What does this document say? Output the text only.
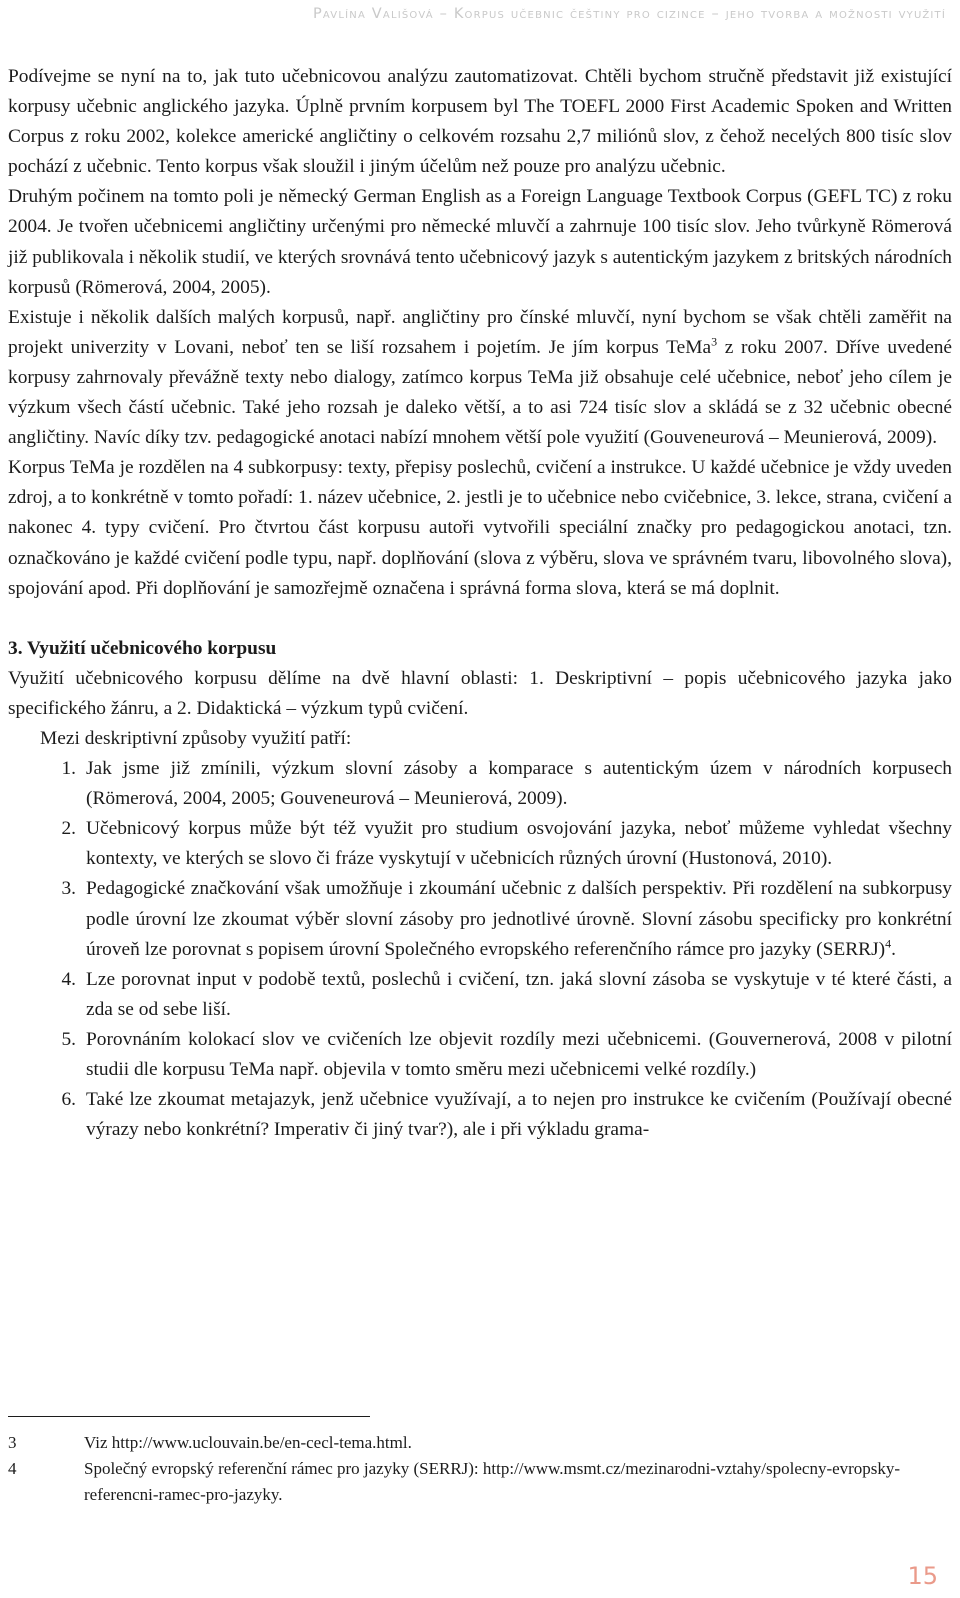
Pavlína Vališová – Korpus učebnic češtiny pro cizince – jeho tvorba a možnosti využití

Podívejme se nyní na to, jak tuto učebnicovou analýzu zautomatizovat. Chtěli bychom stručně představit již existující korpusy učebnic anglického jazyka. Úplně prvním korpusem byl The TOEFL 2000 First Academic Spoken and Written Corpus z roku 2002, kolekce americké angličtiny o celkovém rozsahu 2,7 miliónů slov, z čehož necelých 800 tisíc slov pochází z učebnic. Tento korpus však sloužil i jiným účelům než pouze pro analýzu učebnic.

Druhým počinem na tomto poli je německý German English as a Foreign Language Textbook Corpus (GEFL TC) z roku 2004. Je tvořen učebnicemi angličtiny určenými pro německé mluvčí a zahrnuje 100 tisíc slov. Jeho tvůrkyně Römerová již publikovala i několik studií, ve kterých srovnává tento učebnicový jazyk s autentickým jazykem z britských národních korpusů (Römerová, 2004, 2005).

Existuje i několik dalších malých korpusů, např. angličtiny pro čínské mluvčí, nyní bychom se však chtěli zaměřit na projekt univerzity v Lovani, neboť ten se liší rozsahem i pojetím. Je jím korpus TeMa$^3$ z roku 2007. Dříve uvedené korpusy zahrnovaly převážně texty nebo dialogy, zatímco korpus TeMa již obsahuje celé učebnice, neboť jeho cílem je výzkum všech částí učebnic. Také jeho rozsah je daleko větší, a to asi 724 tisíc slov a skládá se z 32 učebnic obecné angličtiny. Navíc díky tzv. pedagogické anotaci nabízí mnohem větší pole využití (Gouveneurová – Meunierová, 2009).

Korpus TeMa je rozdělen na 4 subkorpusy: texty, přepisy poslechů, cvičení a instrukce. U každé učebnice je vždy uveden zdroj, a to konkrétně v tomto pořadí: 1. název učebnice, 2. jestli je to učebnice nebo cvičebnice, 3. lekce, strana, cvičení a nakonec 4. typy cvičení. Pro čtvrtou část korpusu autoři vytvořili speciální značky pro pedagogickou anotaci, tzn. označkováno je každé cvičení podle typu, např. doplňování (slova z výběru, slova ve správném tvaru, libovolného slova), spojování apod. Při doplňování je samozřejmě označena i správná forma slova, která se má doplnit.

3. Využití učebnicového korpusu

Využití učebnicového korpusu dělíme na dvě hlavní oblasti: 1. Deskriptivní – popis učebnicového jazyka jako specifického žánru, a 2. Didaktická – výzkum typů cvičení.

Mezi deskriptivní způsoby využití patří:

1. Jak jsme již zmínili, výzkum slovní zásoby a komparace s autentickým územ v národních korpusech (Römerová, 2004, 2005; Gouveneurová – Meunierová, 2009).
2. Učebnicový korpus může být též využit pro studium osvojování jazyka, neboť můžeme vyhledat všechny kontexty, ve kterých se slovo či fráze vyskytují v učebnicích různých úrovní (Hustonová, 2010).
3. Pedagogické značkování však umožňuje i zkoumání učebnic z dalších perspektiv. Při rozdělení na subkorpusy podle úrovní lze zkoumat výběr slovní zásoby pro jednotlivé úrovně. Slovní zásobu specificky pro konkrétní úroveň lze porovnat s popisem úrovní Společného evropského referenčního rámce pro jazyky (SERRJ)$^4$.
4. Lze porovnat input v podobě textů, poslechů i cvičení, tzn. jaká slovní zásoba se vyskytuje v té které části, a zda se od sebe liší.
5. Porovnáním kolokací slov ve cvičeních lze objevit rozdíly mezi učebnicemi. (Gouvernerová, 2008 v pilotní studii dle korpusu TeMa např. objevila v tomto směru mezi učebnicemi velké rozdíly.)
6. Také lze zkoumat metajazyk, jenž učebnice využívají, a to nejen pro instrukce ke cvičením (Používají obecné výrazy nebo konkrétní? Imperativ či jiný tvar?), ale i při výkladu grama-
3	Viz http://www.uclouvain.be/en-cecl-tema.html.
4	Společný evropský referenční rámec pro jazyky (SERRJ): http://www.msmt.cz/mezinarodni-vztahy/spolecny-evropsky-referencni-ramec-pro-jazyky.
15
